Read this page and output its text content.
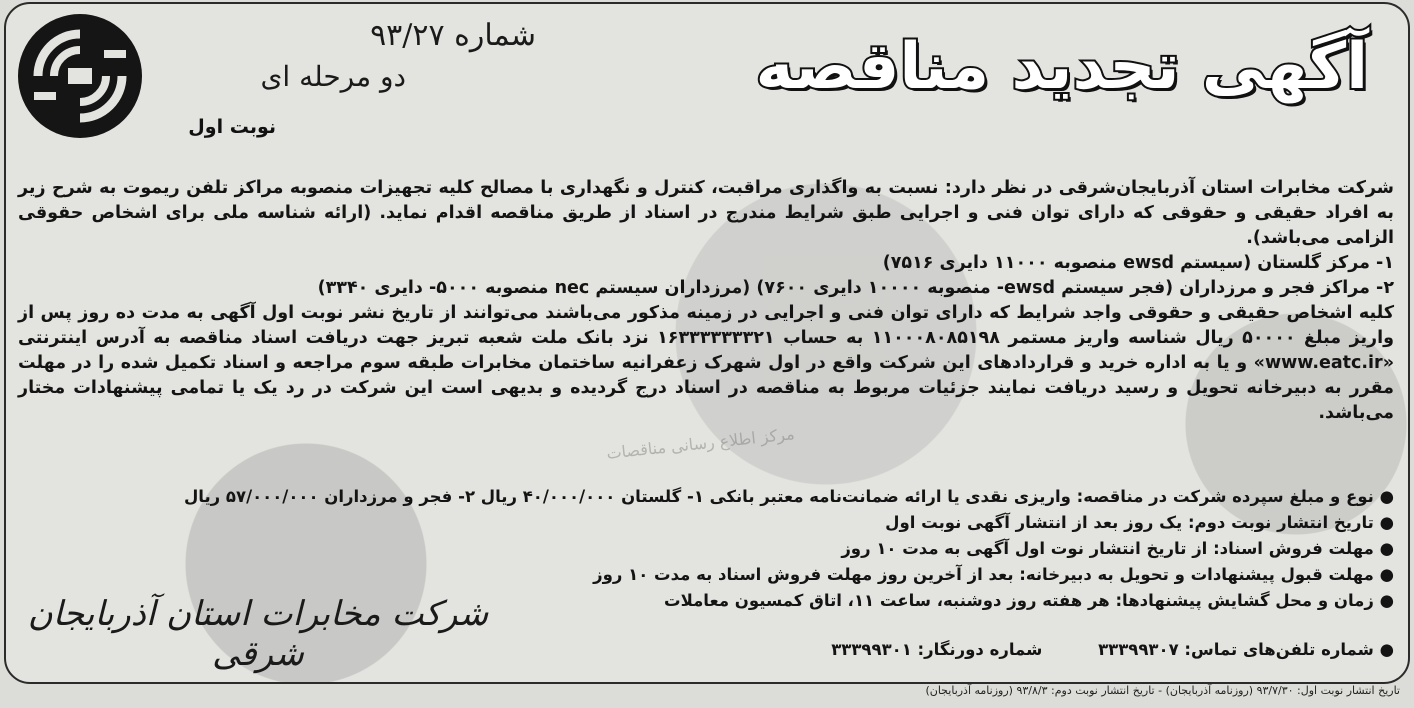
آگهی تجدید مناقصه
شماره ۹۳/۲۷
دو مرحله ای
نوبت اول
مرکز اطلاع رسانی مناقصات

شرکت مخابرات استان آذربایجان‌شرقی در نظر دارد: نسبت به واگذاری مراقبت، کنترل و نگهداری با مصالح کلیه تجهیزات منصوبه مراکز تلفن ریموت به شرح زیر به افراد حقیقی و حقوقی که دارای توان فنی و اجرایی طبق شرایط مندرج در اسناد از طریق مناقصه اقدام نماید. (ارائه شناسه ملی برای اشخاص حقوقی الزامی می‌باشد).

۱- مرکز گلستان (سیستم ewsd منصوبه ۱۱۰۰۰ دایری ۷۵۱۶)

۲- مراکز فجر و مرزداران (فجر سیستم ewsd- منصوبه ۱۰۰۰۰ دایری ۷۶۰۰) (مرزداران سیستم nec منصوبه ۵۰۰۰- دایری ۳۳۴۰)

کلیه اشخاص حقیقی و حقوقی واجد شرایط که دارای توان فنی و اجرایی در زمینه مذکور می‌باشند می‌توانند از تاریخ نشر نوبت اول آگهی به مدت ده روز پس از واریز مبلغ ۵۰۰۰۰ ریال شناسه واریز مستمر ۱۱۰۰۰۸۰۸۵۱۹۸ به حساب ۱۶۳۳۳۳۳۳۳۲۱ نزد بانک ملت شعبه تبریز جهت دریافت اسناد مناقصه به آدرس اینترنتی «www.eatc.ir» و یا به اداره خرید و قراردادهای این شرکت واقع در اول شهرک زعفرانیه ساختمان مخابرات طبقه سوم مراجعه و اسناد تکمیل شده را در مهلت مقرر به دبیرخانه تحویل و رسید دریافت نمایند جزئیات مربوط به مناقصه در اسناد درج گردیده و بدیهی است این شرکت در رد یک یا تمامی پیشنهادات مختار می‌باشد.

● نوع و مبلغ سپرده شرکت در مناقصه: واریزی نقدی یا ارائه ضمانت‌نامه معتبر بانکی ۱- گلستان ۴۰/۰۰۰/۰۰۰ ریال ۲- فجر و مرزداران ۵۷/۰۰۰/۰۰۰ ریال
● تاریخ انتشار نوبت دوم: یک روز بعد از انتشار آگهی نوبت اول
● مهلت فروش اسناد: از تاریخ انتشار نوت اول آگهی به مدت ۱۰ روز
● مهلت قبول پیشنهادات و تحویل به دبیرخانه: بعد از آخرین روز مهلت فروش اسناد به مدت ۱۰ روز
● زمان و محل گشایش پیشنهادها: هر هفته روز دوشنبه، ساعت ۱۱، اتاق کمسیون معاملات
● شماره تلفن‌های تماس: ۳۳۳۹۹۳۰۷ شماره دورنگار: ۳۳۳۹۹۳۰۱
شرکت مخابرات استان آذربایجان شرقی
تاریخ انتشار نوبت اول: ۹۳/۷/۳۰ (روزنامه آذربایجان) - تاریخ انتشار نوبت دوم: ۹۳/۸/۳ (روزنامه آذربایجان)
